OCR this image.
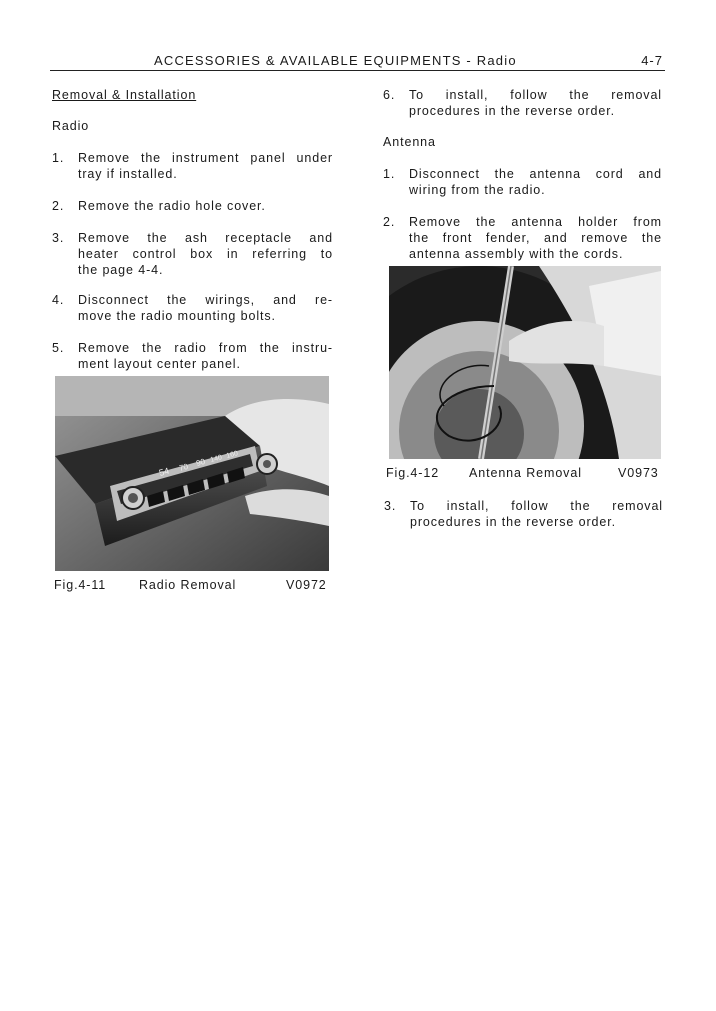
ACCESSORIES & AVAILABLE EQUIPMENTS - Radio	4-7
Removal & Installation
Radio
1. Remove the instrument panel under
tray if installed.
2. Remove the radio hole cover.
3. Remove the ash receptacle and
heater control box in referring to
the page 4-4.
4. Disconnect the wirings, and re-
move the radio mounting bolts.
5. Remove the radio from the instru-
ment layout center panel.
54 70 90 140 160
Fig.4-11	Radio Removal	V0972
6. To install, follow the removal
procedures in the reverse order.
Antenna
1. Disconnect the antenna cord and
wiring from the radio.
2. Remove the antenna holder from
the front fender, and remove the
antenna assembly with the cords.
Fig.4-12 Antenna Removal	V0973
3. To install, follow the removal
procedures in the reverse order.
